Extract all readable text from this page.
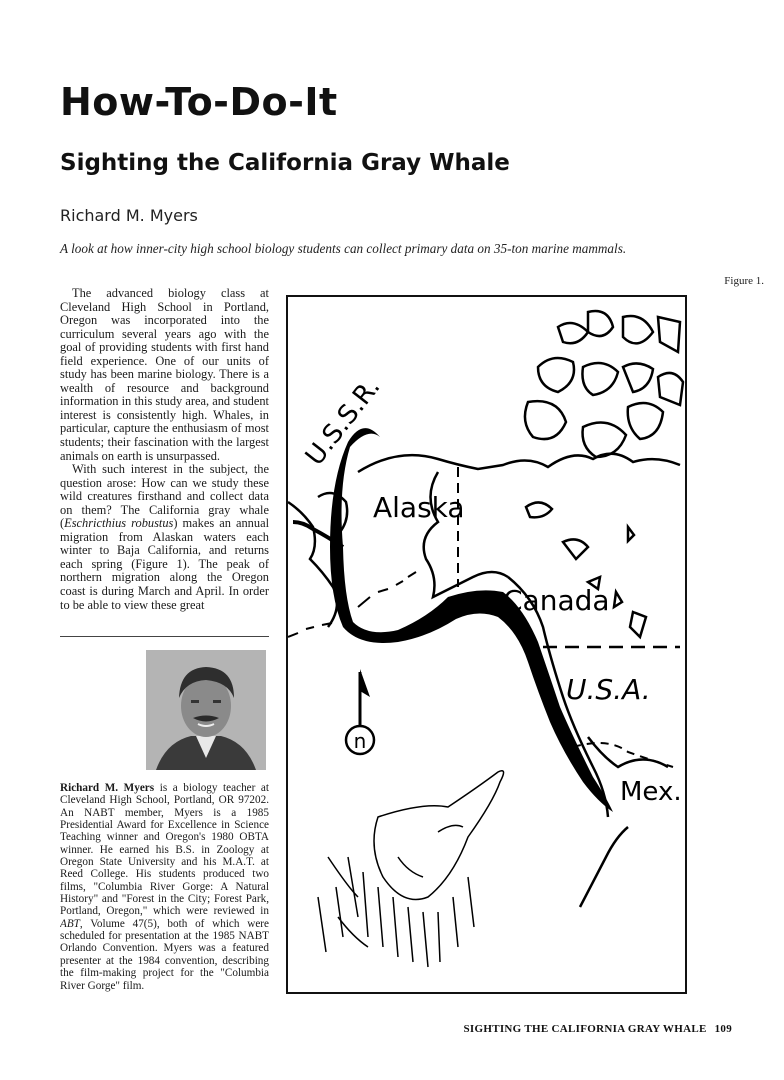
How-To-Do-It
Sighting the California Gray Whale

Richard M. Myers

A look at how inner-city high school biology students can collect primary data on 35-ton marine mammals.

Figure 1.

The advanced biology class at Cleveland High School in Portland, Oregon was incorporated into the curriculum several years ago with the goal of providing students with first hand field experience. One of our units of study has been marine biology. There is a wealth of resource and background information in this study area, and student interest is consistently high. Whales, in particular, capture the enthusiasm of most students; their fascination with the largest animals on earth is unsurpassed.

With such interest in the subject, the question arose: How can we study these wild creatures firsthand and collect data on them? The California gray whale (Eschricthius robustus) makes an annual migration from Alaskan waters each winter to Baja California, and returns each spring (Figure 1). The peak of northern migration along the Oregon coast is during March and April. In order to be able to view these great

Richard M. Myers is a biology teacher at Cleveland High School, Portland, OR 97202. An NABT member, Myers is a 1985 Presidential Award for Excellence in Science Teaching winner and Oregon's 1980 OBTA winner. He earned his B.S. in Zoology at Oregon State University and his M.A.T. at Reed College. His students produced two films, "Columbia River Gorge: A Natural History" and "Forest in the City; Forest Park, Portland, Oregon," which were reviewed in ABT, Volume 47(5), both of which were scheduled for presentation at the 1985 NABT Orlando Convention. Myers was a featured presenter at the 1984 convention, describing the film-making project for the "Columbia River Gorge" film.
n
U.S.S.R.
Alaska
Canada
U.S.A.
Mex.
SIGHTING THE CALIFORNIA GRAY WHALE 109
